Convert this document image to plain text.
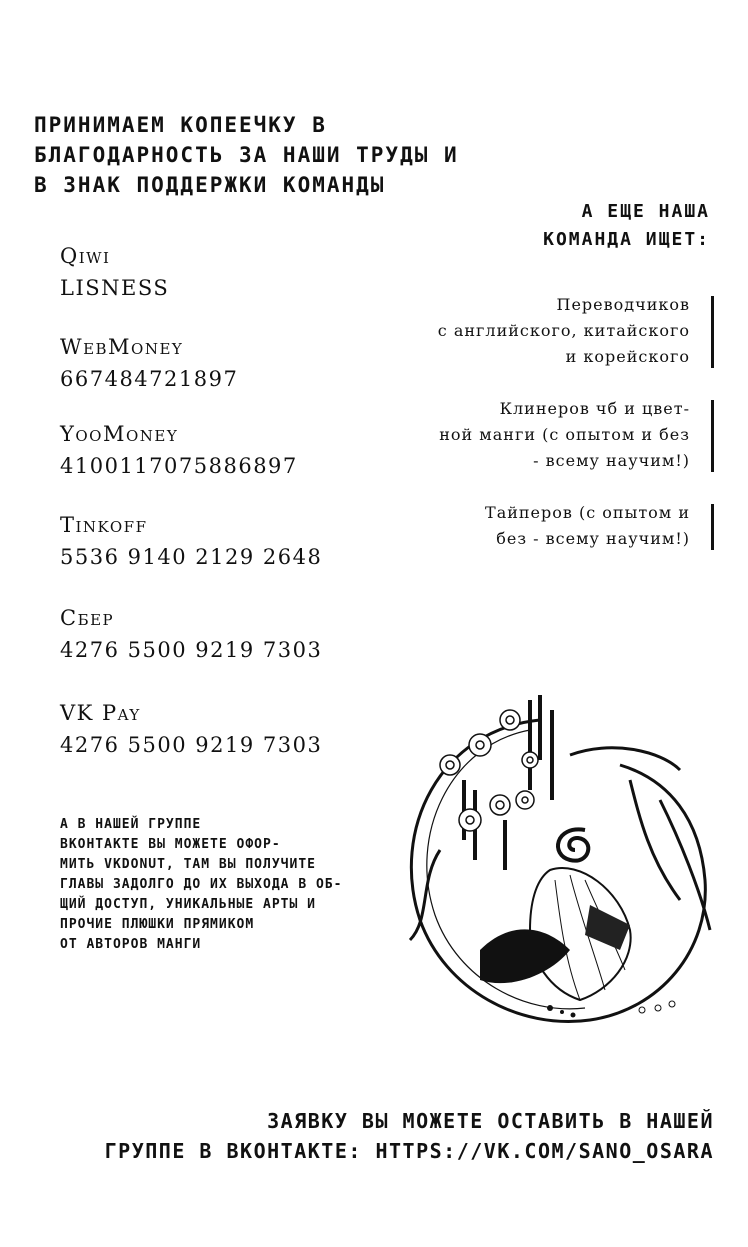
ПРИНИМАЕМ КОПЕЕЧКУ В
БЛАГОДАРНОСТЬ ЗА НАШИ ТРУДЫ И
В ЗНАК ПОДДЕРЖКИ КОМАНДЫ
А ЕЩЕ НАША
КОМАНДА ИЩЕТ:
Qiwi
LISNESS
WebMoney
667484721897
YooMoney
4100117075886897
Tinkoff
5536 9140 2129 2648
Сбер
4276 5500 9219 7303
VK Pay
4276 5500 9219 7303
Переводчиков
с английского, китайского
и корейского
Клинеров чб и цвет-
ной манги (с опытом и без
- всему научим!)
Тайперов (с опытом и
без - всему научим!)
А В НАШЕЙ ГРУППЕ
ВКОНТАКТЕ ВЫ МОЖЕТЕ ОФОР-
МИТЬ VKDONUT, ТАМ ВЫ ПОЛУЧИТЕ
ГЛАВЫ ЗАДОЛГО ДО ИХ ВЫХОДА В ОБ-
ЩИЙ ДОСТУП, УНИКАЛЬНЫЕ АРТЫ И
ПРОЧИЕ ПЛЮШКИ ПРЯМИКОМ
ОТ АВТОРОВ МАНГИ
ЗАЯВКУ ВЫ МОЖЕТЕ ОСТАВИТЬ В НАШЕЙ
ГРУППЕ В ВКОНТАКТЕ: HTTPS://VK.COM/SANO_OSARA
